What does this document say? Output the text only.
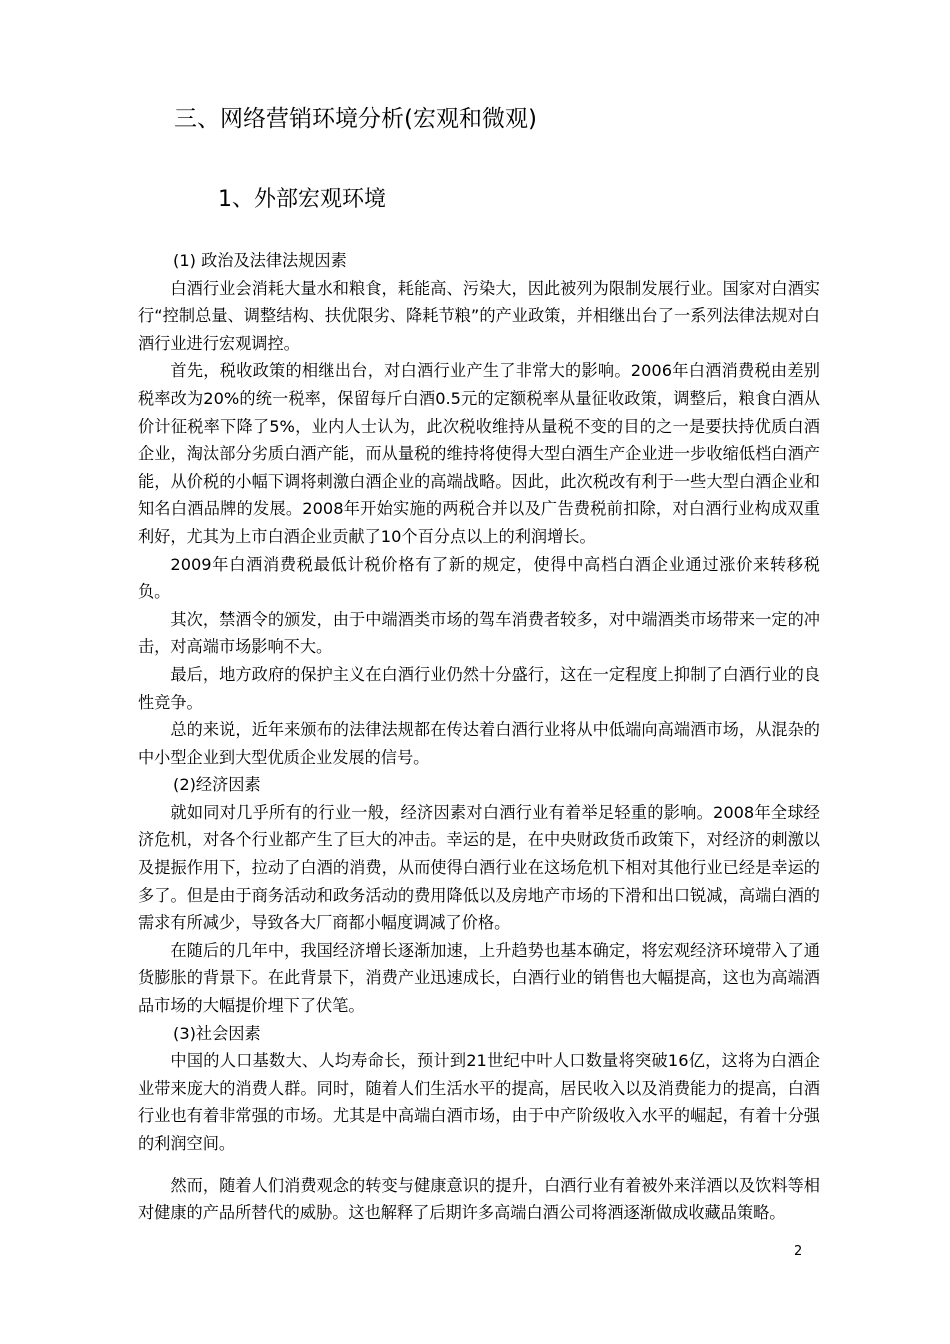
三、网络营销环境分析(宏观和微观)
1、外部宏观环境

(1) 政治及法律法规因素

白酒行业会消耗大量水和粮食，耗能高、污染大，因此被列为限制发展行业。国家对白酒实行“控制总量、调整结构、扶优限劣、降耗节粮”的产业政策，并相继出台了一系列法律法规对白酒行业进行宏观调控。

首先，税收政策的相继出台，对白酒行业产生了非常大的影响。2006年白酒消费税由差别税率改为20%的统一税率，保留每斤白酒0.5元的定额税率从量征收政策，调整后，粮食白酒从价计征税率下降了5%，业内人士认为，此次税收维持从量税不变的目的之一是要扶持优质白酒企业，淘汰部分劣质白酒产能，而从量税的维持将使得大型白酒生产企业进一步收缩低档白酒产能，从价税的小幅下调将刺激白酒企业的高端战略。因此，此次税改有利于一些大型白酒企业和知名白酒品牌的发展。2008年开始实施的两税合并以及广告费税前扣除，对白酒行业构成双重利好，尤其为上市白酒企业贡献了10个百分点以上的利润增长。

2009年白酒消费税最低计税价格有了新的规定，使得中高档白酒企业通过涨价来转移税负。

其次，禁酒令的颁发，由于中端酒类市场的驾车消费者较多，对中端酒类市场带来一定的冲击，对高端市场影响不大。

最后，地方政府的保护主义在白酒行业仍然十分盛行，这在一定程度上抑制了白酒行业的良性竞争。

总的来说，近年来颁布的法律法规都在传达着白酒行业将从中低端向高端酒市场，从混杂的中小型企业到大型优质企业发展的信号。

(2)经济因素

就如同对几乎所有的行业一般，经济因素对白酒行业有着举足轻重的影响。2008年全球经济危机，对各个行业都产生了巨大的冲击。幸运的是，在中央财政货币政策下，对经济的刺激以及提振作用下，拉动了白酒的消费，从而使得白酒行业在这场危机下相对其他行业已经是幸运的多了。但是由于商务活动和政务活动的费用降低以及房地产市场的下滑和出口锐减，高端白酒的需求有所减少，导致各大厂商都小幅度调减了价格。

在随后的几年中，我国经济增长逐渐加速，上升趋势也基本确定，将宏观经济环境带入了通货膨胀的背景下。在此背景下，消费产业迅速成长，白酒行业的销售也大幅提高，这也为高端酒品市场的大幅提价埋下了伏笔。

(3)社会因素

中国的人口基数大、人均寿命长，预计到21世纪中叶人口数量将突破16亿，这将为白酒企业带来庞大的消费人群。同时，随着人们生活水平的提高，居民收入以及消费能力的提高，白酒行业也有着非常强的市场。尤其是中高端白酒市场，由于中产阶级收入水平的崛起，有着十分强的利润空间。

然而，随着人们消费观念的转变与健康意识的提升，白酒行业有着被外来洋酒以及饮料等相对健康的产品所替代的威胁。这也解释了后期许多高端白酒公司将酒逐渐做成收藏品策略。

2
